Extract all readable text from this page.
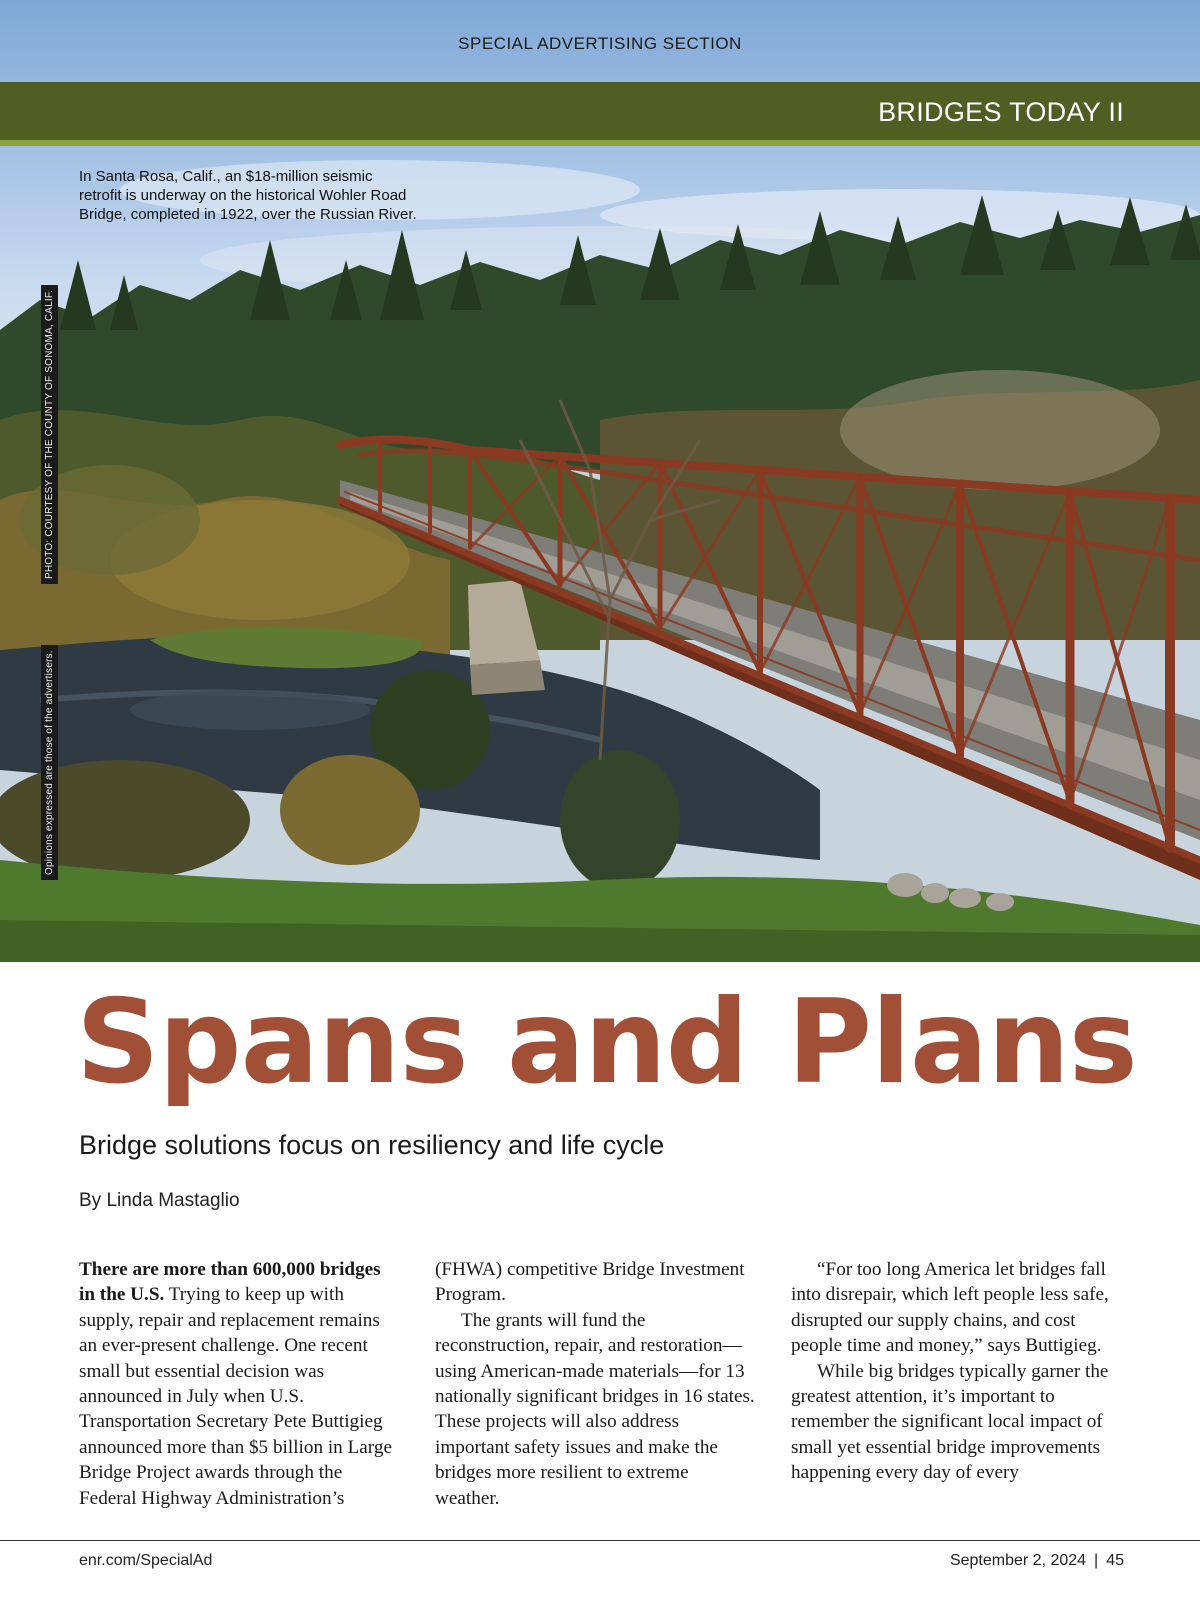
SPECIAL ADVERTISING SECTION
BRIDGES TODAY II
In Santa Rosa, Calif., an $18-million seismic retrofit is underway on the historical Wohler Road Bridge, completed in 1922, over the Russian River.
PHOTO: COURTESY OF THE COUNTY OF SONOMA, CALIF.
Opinions expressed are those of the advertisers.
Spans and Plans
Bridge solutions focus on resiliency and life cycle
By Linda Mastaglio

There are more than 600,000 bridges in the U.S. Trying to keep up with supply, repair and replacement remains an ever-present challenge. One recent small but essential decision was announced in July when U.S. Transportation Secretary Pete Buttigieg announced more than $5 billion in Large Bridge Project awards through the Federal Highway Administration’s

(FHWA) competitive Bridge Investment Program.

The grants will fund the reconstruction, repair, and restoration—using American-made materials—for 13 nationally significant bridges in 16 states. These projects will also address important safety issues and make the bridges more resilient to extreme weather.

“For too long America let bridges fall into disrepair, which left people less safe, disrupted our supply chains, and cost people time and money,” says Buttigieg.

While big bridges typically garner the greatest attention, it’s important to remember the significant local impact of small yet essential bridge improvements happening every day of every

enr.com/SpecialAd	September 2, 2024 | 45
